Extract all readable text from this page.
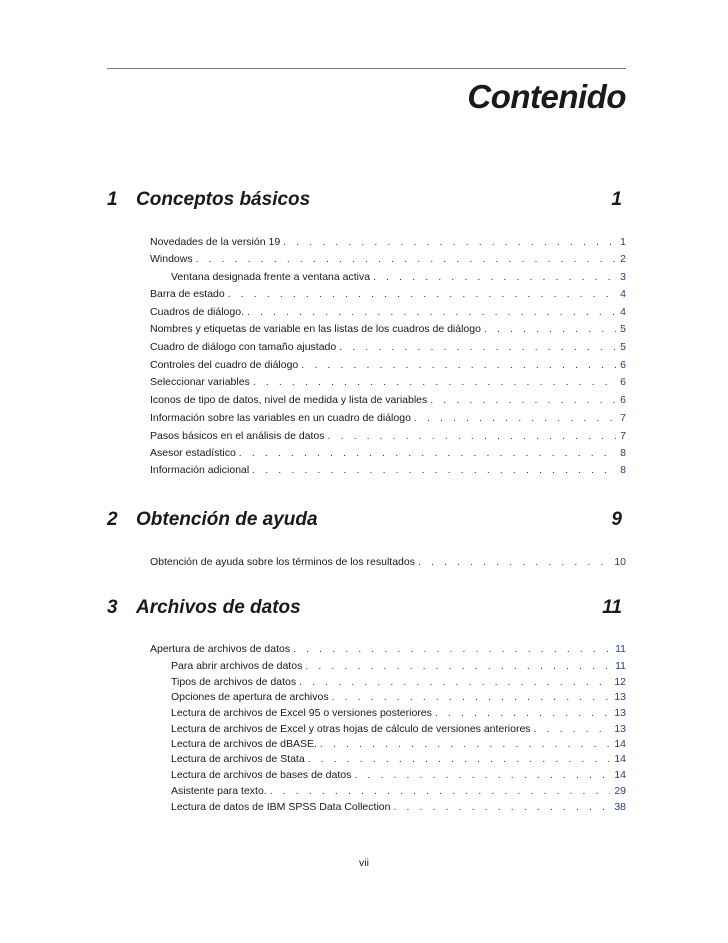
Contenido
1 Conceptos básicos	1
Novedades de la versión 19 . . .	1
Windows . . .	2
Ventana designada frente a ventana activa . . .	3
Barra de estado . . .	4
Cuadros de diálogo. . . .	4
Nombres y etiquetas de variable en las listas de los cuadros de diálogo . . .	5
Cuadro de diálogo con tamaño ajustado . . .	5
Controles del cuadro de diálogo . . .	6
Seleccionar variables . . .	6
Iconos de tipo de datos, nivel de medida y lista de variables . . .	6
Información sobre las variables en un cuadro de diálogo . . .	7
Pasos básicos en el análisis de datos . . .	7
Asesor estadístico . . .	8
Información adicional . . .	8
2 Obtención de ayuda	9
Obtención de ayuda sobre los términos de los resultados . . .	10
3 Archivos de datos	11
Apertura de archivos de datos . . .	11
Para abrir archivos de datos . . .	11
Tipos de archivos de datos . . .	12
Opciones de apertura de archivos . . .	13
Lectura de archivos de Excel 95 o versiones posteriores . . .	13
Lectura de archivos de Excel y otras hojas de cálculo de versiones anteriores . . .	13
Lectura de archivos de dBASE. . . .	14
Lectura de archivos de Stata . . .	14
Lectura de archivos de bases de datos . . .	14
Asistente para texto. . . .	29
Lectura de datos de IBM SPSS Data Collection . . .	38
vii
